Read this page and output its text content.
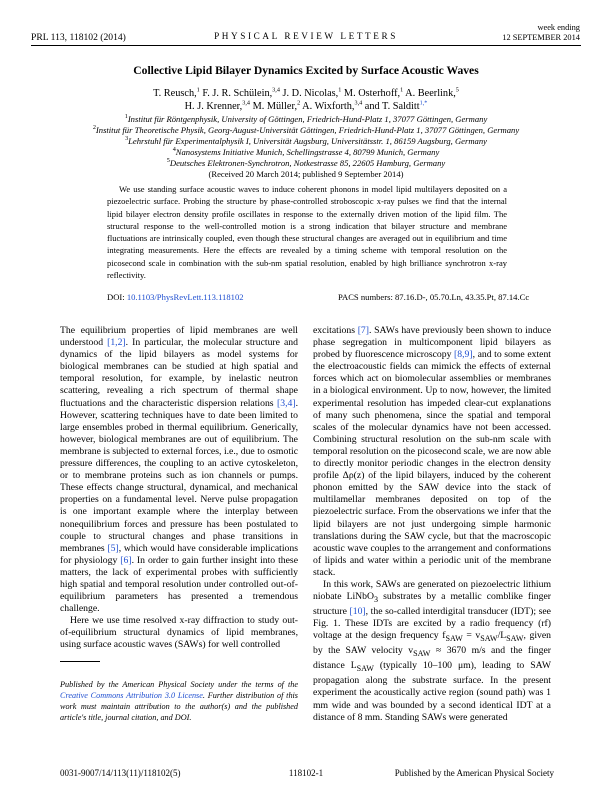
PRL 113, 118102 (2014)	PHYSICAL REVIEW LETTERS
week ending
12 SEPTEMBER 2014
Collective Lipid Bilayer Dynamics Excited by Surface Acoustic Waves
T. Reusch,$^1$ F. J. R. Schülein,$^{3,4}$ J. D. Nicolas,$^1$ M. Osterhoff,$^1$ A. Beerlink,$^5$
H. J. Krenner,$^{3,4}$ M. Müller,$^2$ A. Wixforth,$^{3,4}$ and T. Salditt$^{1,*}$
$^1$Institut für Röntgenphysik, University of Göttingen, Friedrich-Hund-Platz 1, 37077 Göttingen, Germany
$^2$Institut für Theoretische Physik, Georg-August-Universität Göttingen, Friedrich-Hund-Platz 1, 37077 Göttingen, Germany
$^3$Lehrstuhl für Experimentalphysik I, Universität Augsburg, Universitätsstr. 1, 86159 Augsburg, Germany
$^4$Nanosystems Initiative Munich, Schellingstrasse 4, 80799 Munich, Germany
$^5$Deutsches Elektronen-Synchrotron, Notkestrasse 85, 22605 Hamburg, Germany
(Received 20 March 2014; published 9 September 2014)
We use standing surface acoustic waves to induce coherent phonons in model lipid multilayers deposited on a piezoelectric surface. Probing the structure by phase-controlled stroboscopic x-ray pulses we find that the internal lipid bilayer electron density profile oscillates in response to the externally driven motion of the lipid film. The structural response to the well-controlled motion is a strong indication that bilayer structure and membrane fluctuations are intrinsically coupled, even though these structural changes are averaged out in equilibrium and time integrating measurements. Here the effects are revealed by a timing scheme with temporal resolution on the picosecond scale in combination with the sub-nm spatial resolution, enabled by high brilliance synchrotron x-ray reflectivity.
DOI: 10.1103/PhysRevLett.113.118102	PACS numbers: 87.16.D-, 05.70.Ln, 43.35.Pt, 87.14.Cc

The equilibrium properties of lipid membranes are well understood [1,2]. In particular, the molecular structure and dynamics of the lipid bilayers as model systems for biological membranes can be studied at high spatial and temporal resolution, for example, by inelastic neutron scattering, revealing a rich spectrum of thermal shape fluctuations and the characteristic dispersion relations [3,4]. However, scattering techniques have to date been limited to large ensembles probed in thermal equilibrium. Generically, however, biological membranes are out of equilibrium. The membrane is subjected to external forces, i.e., due to osmotic pressure differences, the coupling to an active cytoskeleton, or to membrane proteins such as ion channels or pumps. These effects change structural, dynamical, and mechanical properties on a fundamental level. Nerve pulse propagation is one important example where the interplay between nonequilibrium forces and pressure has been postulated to couple to structural changes and phase transitions in membranes [5], which would have considerable implications for physiology [6]. In order to gain further insight into these matters, the lack of experimental probes with sufficiently high spatial and temporal resolution under controlled out-of-equilibrium parameters has presented a tremendous challenge.

Here we use time resolved x-ray diffraction to study out-of-equilibrium structural dynamics of lipid membranes, using surface acoustic waves (SAWs) for well controlled

Published by the American Physical Society under the terms of the Creative Commons Attribution 3.0 License. Further distribution of this work must maintain attribution to the author(s) and the published article's title, journal citation, and DOI.

excitations [7]. SAWs have previously been shown to induce phase segregation in multicomponent lipid bilayers as probed by fluorescence microscopy [8,9], and to some extent the electroacoustic fields can mimick the effects of external forces which act on biomolecular assemblies or membranes in a biological environment. Up to now, however, the limited experimental resolution has impeded clear-cut explanations of many such phenomena, since the spatial and temporal scales of the molecular dynamics have not been accessed. Combining structural resolution on the sub-nm scale with temporal resolution on the picosecond scale, we are now able to directly monitor periodic changes in the electron density profile Δρ(z) of the lipid bilayers, induced by the coherent phonon emitted by the SAW device into the stack of multilamellar membranes deposited on top of the piezoelectric surface. From the observations we infer that the lipid bilayers are not just undergoing simple harmonic translations during the SAW cycle, but that the macroscopic acoustic wave couples to the arrangement and conformations of lipids and water within a periodic unit of the membrane stack.

In this work, SAWs are generated on piezoelectric lithium niobate LiNbO$_3$ substrates by a metallic comblike finger structure [10], the so-called interdigital transducer (IDT); see Fig. 1. These IDTs are excited by a radio frequency (rf) voltage at the design frequency $f_{SAW} = v_{SAW}/L_{SAW}$, given by the SAW velocity $v_{SAW} \approx 3670$ m/s and the finger distance $L_{SAW}$ (typically 10–100 μm), leading to SAW propagation along the substrate surface. In the present experiment the acoustically active region (sound path) was 1 mm wide and was bounded by a second identical IDT at a distance of 8 mm. Standing SAWs were generated

0031-9007/14/113(11)/118102(5)	118102-1	Published by the American Physical Society
